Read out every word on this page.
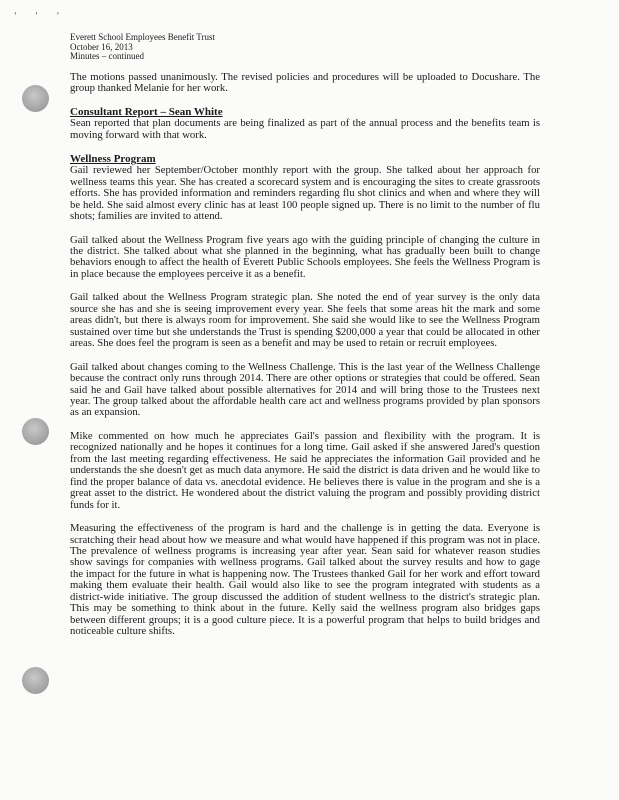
' ' '
Everett School Employees Benefit Trust
October 16, 2013
Minutes – continued

The motions passed unanimously. The revised policies and procedures will be uploaded to Docushare. The group thanked Melanie for her work.

Consultant Report – Sean White

Sean reported that plan documents are being finalized as part of the annual process and the benefits team is moving forward with that work.

Wellness Program

Gail reviewed her September/October monthly report with the group. She talked about her approach for wellness teams this year. She has created a scorecard system and is encouraging the sites to create grassroots efforts. She has provided information and reminders regarding flu shot clinics and when and where they will be held. She said almost every clinic has at least 100 people signed up. There is no limit to the number of flu shots; families are invited to attend.

Gail talked about the Wellness Program five years ago with the guiding principle of changing the culture in the district. She talked about what she planned in the beginning, what has gradually been built to change behaviors enough to affect the health of Everett Public Schools employees. She feels the Wellness Program is in place because the employees perceive it as a benefit.

Gail talked about the Wellness Program strategic plan. She noted the end of year survey is the only data source she has and she is seeing improvement every year. She feels that some areas hit the mark and some areas didn't, but there is always room for improvement. She said she would like to see the Wellness Program sustained over time but she understands the Trust is spending $200,000 a year that could be allocated in other areas. She does feel the program is seen as a benefit and may be used to retain or recruit employees.

Gail talked about changes coming to the Wellness Challenge. This is the last year of the Wellness Challenge because the contract only runs through 2014. There are other options or strategies that could be offered. Sean said he and Gail have talked about possible alternatives for 2014 and will bring those to the Trustees next year. The group talked about the affordable health care act and wellness programs provided by plan sponsors as an expansion.

Mike commented on how much he appreciates Gail's passion and flexibility with the program. It is recognized nationally and he hopes it continues for a long time. Gail asked if she answered Jared's question from the last meeting regarding effectiveness. He said he appreciates the information Gail provided and he understands the she doesn't get as much data anymore. He said the district is data driven and he would like to find the proper balance of data vs. anecdotal evidence. He believes there is value in the program and she is a great asset to the district. He wondered about the district valuing the program and possibly providing district funds for it.

Measuring the effectiveness of the program is hard and the challenge is in getting the data. Everyone is scratching their head about how we measure and what would have happened if this program was not in place. The prevalence of wellness programs is increasing year after year. Sean said for whatever reason studies show savings for companies with wellness programs. Gail talked about the survey results and how to gage the impact for the future in what is happening now. The Trustees thanked Gail for her work and effort toward making them evaluate their health. Gail would also like to see the program integrated with students as a district-wide initiative. The group discussed the addition of student wellness to the district's strategic plan. This may be something to think about in the future. Kelly said the wellness program also bridges gaps between different groups; it is a good culture piece. It is a powerful program that helps to build bridges and noticeable culture shifts.
